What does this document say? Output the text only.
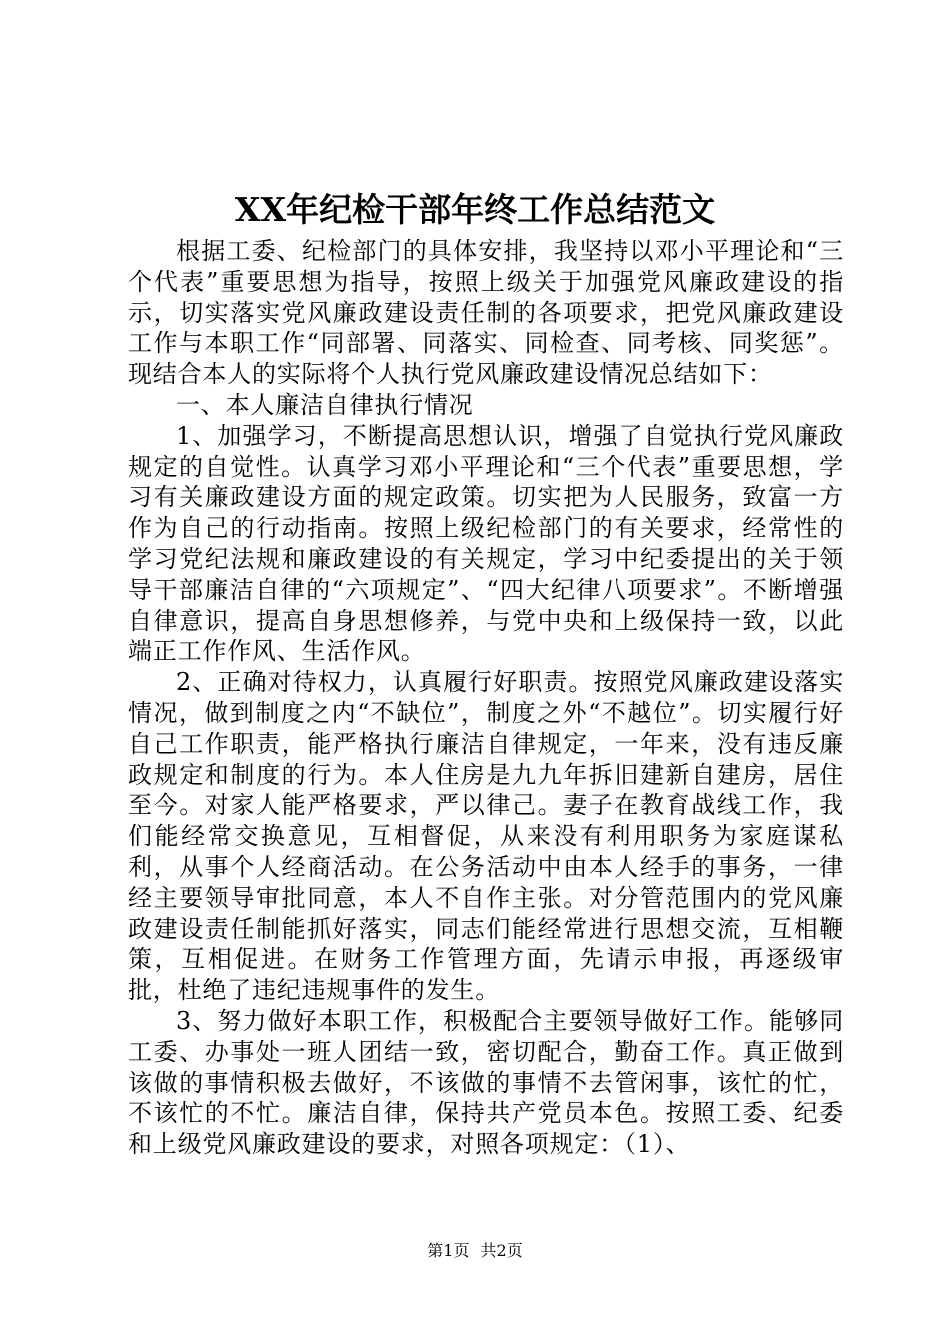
XX年纪检干部年终工作总结范文

根据工委、纪检部门的具体安排，我坚持以邓小平理论和“三个代表”重要思想为指导，按照上级关于加强党风廉政建设的指示，切实落实党风廉政建设责任制的各项要求，把党风廉政建设工作与本职工作“同部署、同落实、同检查、同考核、同奖惩”。现结合本人的实际将个人执行党风廉政建设情况总结如下：

一、本人廉洁自律执行情况

1、加强学习，不断提高思想认识，增强了自觉执行党风廉政规定的自觉性。认真学习邓小平理论和“三个代表”重要思想，学习有关廉政建设方面的规定政策。切实把为人民服务，致富一方作为自己的行动指南。按照上级纪检部门的有关要求，经常性的学习党纪法规和廉政建设的有关规定，学习中纪委提出的关于领导干部廉洁自律的“六项规定”、“四大纪律八项要求”。不断增强自律意识，提高自身思想修养，与党中央和上级保持一致，以此端正工作作风、生活作风。

2、正确对待权力，认真履行好职责。按照党风廉政建设落实情况，做到制度之内“不缺位”，制度之外“不越位”。切实履行好自己工作职责，能严格执行廉洁自律规定，一年来，没有违反廉政规定和制度的行为。本人住房是九九年拆旧建新自建房，居住至今。对家人能严格要求，严以律己。妻子在教育战线工作，我们能经常交换意见，互相督促，从来没有利用职务为家庭谋私利，从事个人经商活动。在公务活动中由本人经手的事务，一律经主要领导审批同意，本人不自作主张。对分管范围内的党风廉政建设责任制能抓好落实，同志们能经常进行思想交流，互相鞭策，互相促进。在财务工作管理方面，先请示申报，再逐级审批，杜绝了违纪违规事件的发生。

3、努力做好本职工作，积极配合主要领导做好工作。能够同工委、办事处一班人团结一致，密切配合，勤奋工作。真正做到该做的事情积极去做好，不该做的事情不去管闲事，该忙的忙，不该忙的不忙。廉洁自律，保持共产党员本色。按照工委、纪委和上级党风廉政建设的要求，对照各项规定：（1）、

第1页 共2页
